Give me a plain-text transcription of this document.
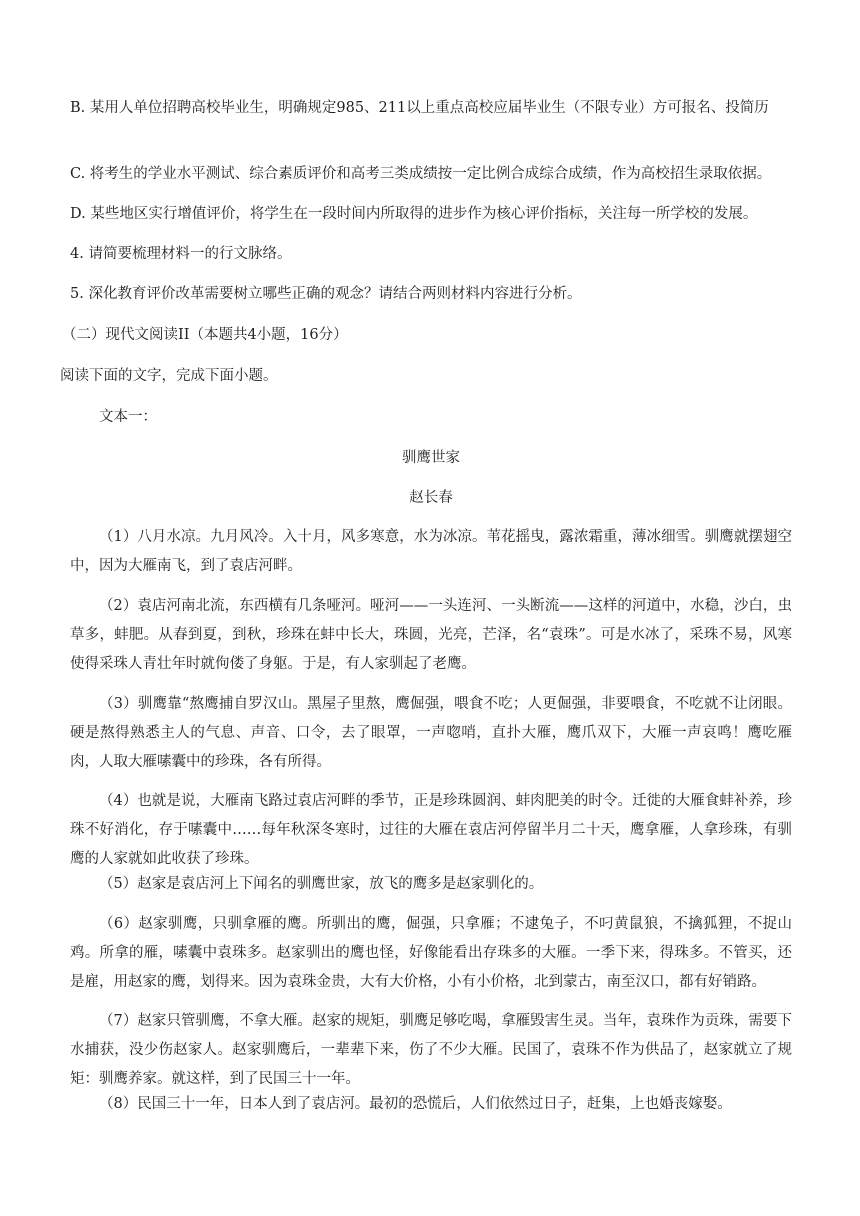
B. 某用人单位招聘高校毕业生，明确规定985、211以上重点高校应届毕业生（不限专业）方可报名、投简历
C. 将考生的学业水平测试、综合素质评价和高考三类成绩按一定比例合成综合成绩，作为高校招生录取依据。
D. 某些地区实行增值评价，将学生在一段时间内所取得的进步作为核心评价指标，关注每一所学校的发展。
4. 请简要梳理材料一的行文脉络。
5. 深化教育评价改革需要树立哪些正确的观念？请结合两则材料内容进行分析。
（二）现代文阅读II（本题共4小题，16分）
阅读下面的文字，完成下面小题。
文本一：
驯鹰世家
赵长春
（1）八月水凉。九月风冷。入十月，风多寒意，水为冰凉。苇花摇曳，露浓霜重，薄冰细雪。驯鹰就摆翅空中，因为大雁南飞，到了袁店河畔。
（2）袁店河南北流，东西横有几条哑河。哑河——一头连河、一头断流——这样的河道中，水稳，沙白，虫草多，蚌肥。从春到夏，到秋，珍珠在蚌中长大，珠圆，光亮，芒泽，名“袁珠”。可是水冰了，采珠不易，风寒使得采珠人青壮年时就佝偻了身躯。于是，有人家驯起了老鹰。
（3）驯鹰靠“熬鹰捕自罗汉山。黑屋子里熬，鹰倔强，喂食不吃；人更倔强，非要喂食，不吃就不让闭眼。硬是熬得熟悉主人的气息、声音、口令，去了眼罩，一声唿哨，直扑大雁，鹰爪双下，大雁一声哀鸣！鹰吃雁肉，人取大雁嗉囊中的珍珠，各有所得。
（4）也就是说，大雁南飞路过袁店河畔的季节，正是珍珠圆润、蚌肉肥美的时令。迁徙的大雁食蚌补养，珍珠不好消化，存于嗉囊中……每年秋深冬寒时，过往的大雁在袁店河停留半月二十天，鹰拿雁，人拿珍珠，有驯鹰的人家就如此收获了珍珠。
（5）赵家是袁店河上下闻名的驯鹰世家，放飞的鹰多是赵家驯化的。
（6）赵家驯鹰，只驯拿雁的鹰。所驯出的鹰，倔强，只拿雁；不逮兔子，不叼黄鼠狼，不擒狐狸，不捉山鸡。所拿的雁，嗉囊中袁珠多。赵家驯出的鹰也怪，好像能看出存珠多的大雁。一季下来，得珠多。不管买，还是雇，用赵家的鹰，划得来。因为袁珠金贵，大有大价格，小有小价格，北到蒙古，南至汉口，都有好销路。
（7）赵家只管驯鹰，不拿大雁。赵家的规矩，驯鹰足够吃喝，拿雁毁害生灵。当年，袁珠作为贡珠，需要下水捕获，没少伤赵家人。赵家驯鹰后，一辈辈下来，伤了不少大雁。民国了，袁珠不作为供品了，赵家就立了规矩：驯鹰养家。就这样，到了民国三十一年。
（8）民国三十一年，日本人到了袁店河。最初的恐慌后，人们依然过日子，赶集，上也婚丧嫁娶。
